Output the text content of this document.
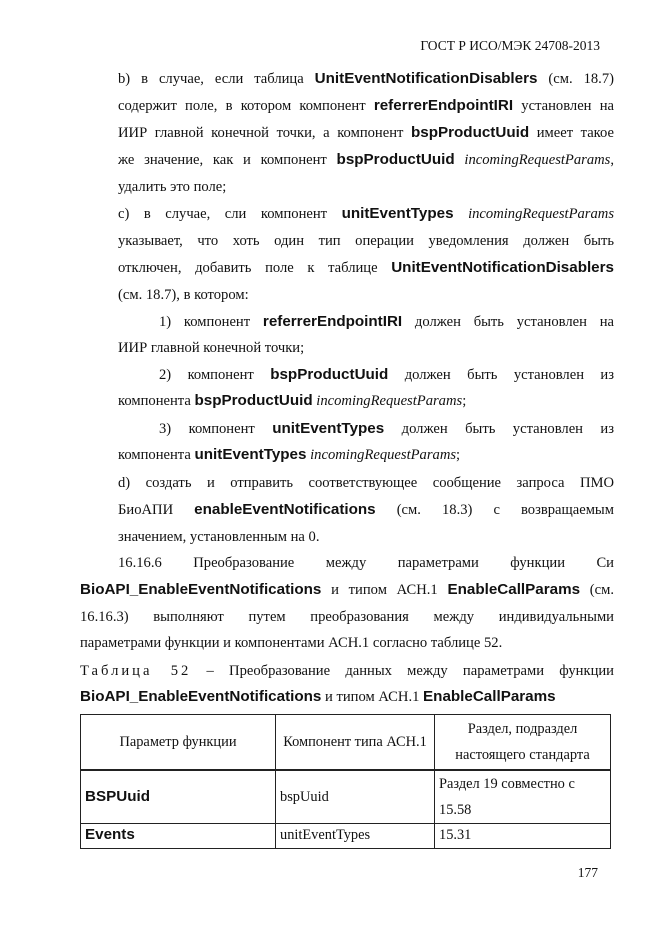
ГОСТ Р ИСО/МЭК 24708-2013
b) в случае, если таблица UnitEventNotificationDisablers (см. 18.7)
содержит поле, в котором компонент referrerEndpointIRI установлен на
ИИР главной конечной точки, а компонент bspProductUuid имеет такое
же значение, как и компонент bspProductUuid incomingRequestParams,
удалить это поле;
c) в случае, сли компонент unitEventTypes incomingRequestParams
указывает, что хоть один тип операции уведомления должен быть
отключен, добавить поле к таблице UnitEventNotificationDisablers
(см. 18.7), в котором:
1) компонент referrerEndpointIRI должен быть установлен на
ИИР главной конечной точки;
2) компонент bspProductUuid должен быть установлен из
компонента bspProductUuid incomingRequestParams;
3) компонент unitEventTypes должен быть установлен из
компонента unitEventTypes incomingRequestParams;
d) создать и отправить соответствующее сообщение запроса ПМО
БиоАПИ enableEventNotifications (см. 18.3) с возвращаемым
значением, установленным на 0.
16.16.6 Преобразование между параметрами функции Си
BioAPI_EnableEventNotifications и типом АСН.1 EnableCallParams (см.
16.16.3) выполняют путем преобразования между индивидуальными
параметрами функции и компонентами АСН.1 согласно таблице 52.
Таблица 52 – Преобразование данных между параметрами функции
BioAPI_EnableEventNotifications и типом АСН.1 EnableCallParams
Параметр функции	Компонент типа АСН.1	Раздел, подраздел настоящего стандарта
BSPUuid	bspUuid	Раздел 19 совместно с 15.58
Events	unitEventTypes	15.31
177
